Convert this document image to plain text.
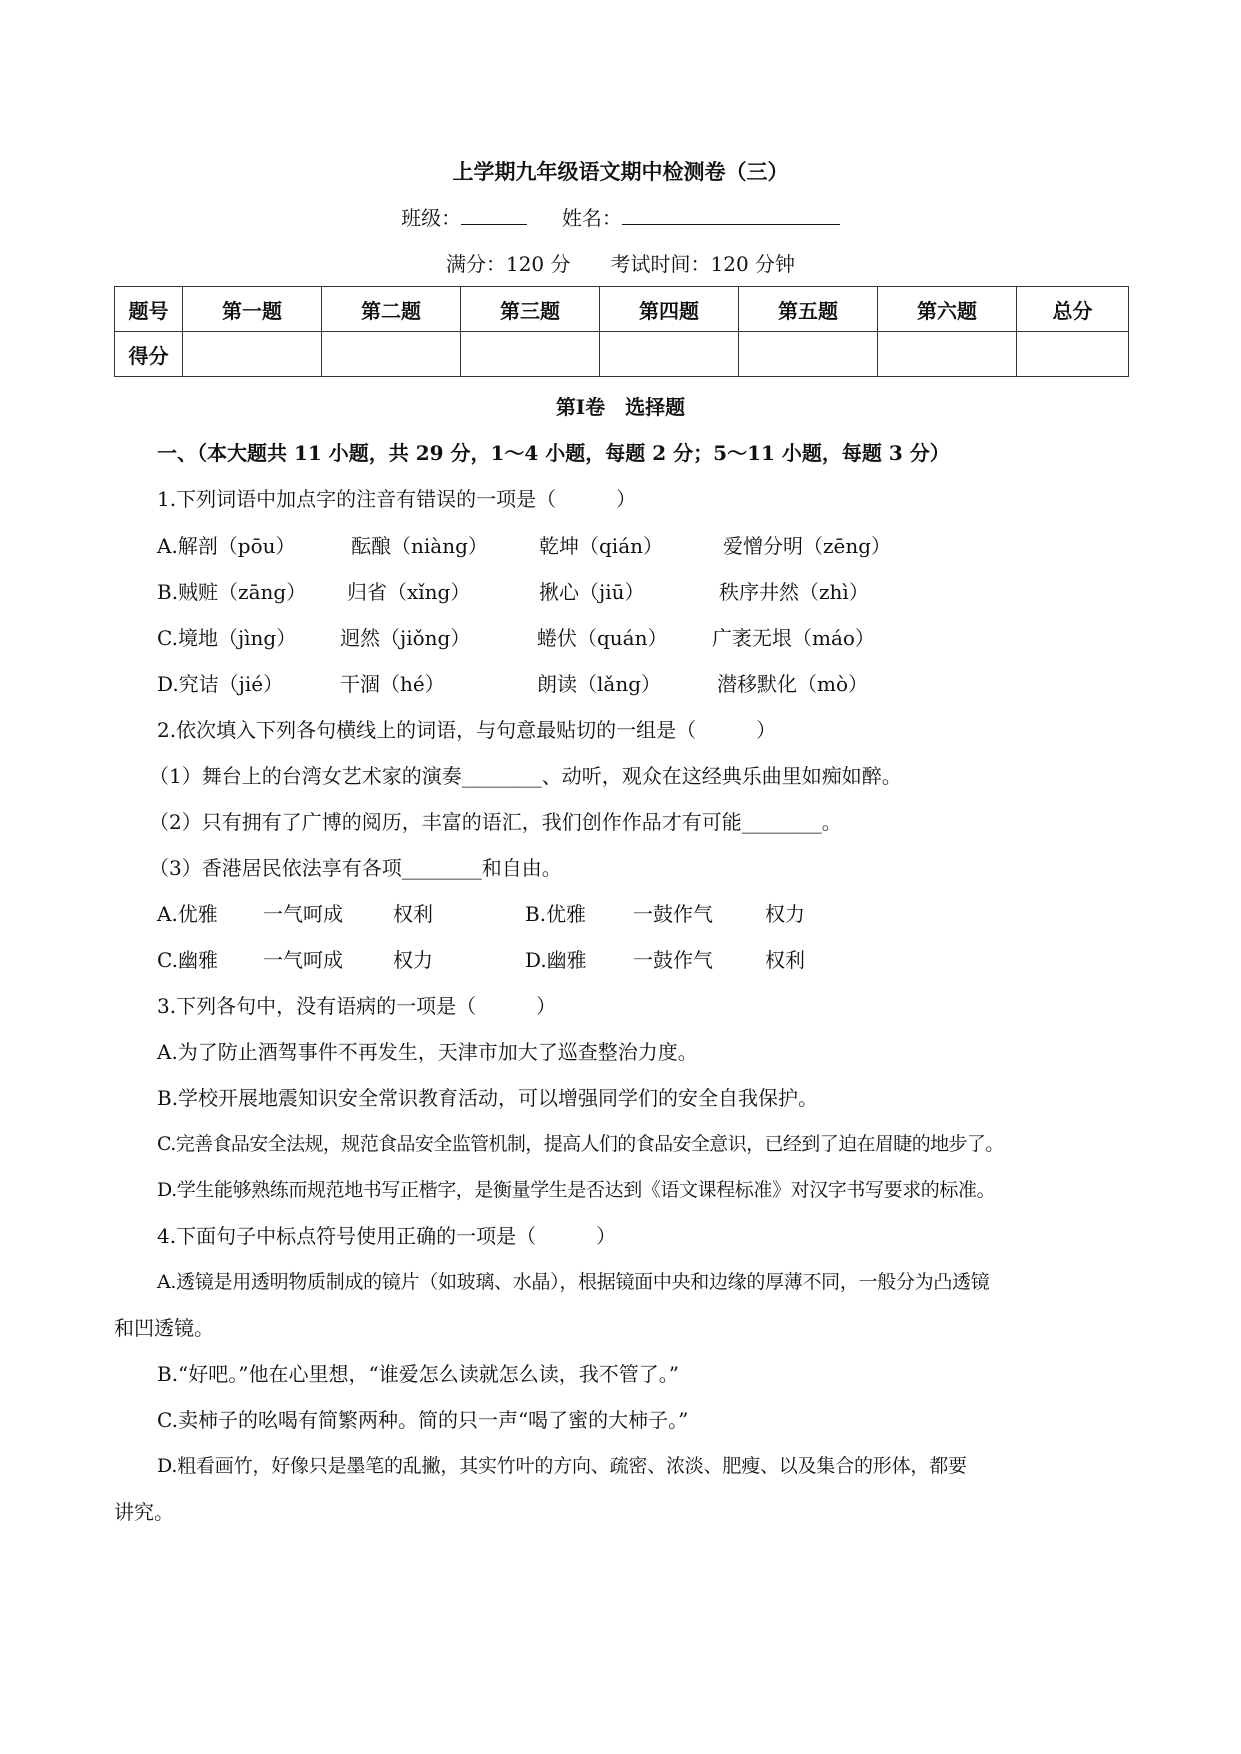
上学期九年级语文期中检测卷（三）
班级：	姓名：
满分：120 分　　考试时间：120 分钟
题号	第一题	第二题	第三题	第四题	第五题	第六题	总分
得分							
第Ⅰ卷　选择题
一、（本大题共 11 小题，共 29 分，1～4 小题，每题 2 分；5～11 小题，每题 3 分）
1.下列词语中加点字的注音有错误的一项是（　　　）
A.解剖（pōu）	酝酿（niàng）	乾坤（qián）	爱憎分明（zēng）
B.贼赃（zāng） 归省（xǐng）	揪心（jiū）	秩序井然（zhì）
C.境地（jìng） 迥然（jiǒng）	蜷伏（quán） 广袤无垠（máo）
D.究诘（jié）	干涸（hé）	朗读（lǎng）	潜移默化（mò）
2.依次填入下列各句横线上的词语，与句意最贴切的一组是（　　　）
（1）舞台上的台湾女艺术家的演奏________、动听，观众在这经典乐曲里如痴如醉。
（2）只有拥有了广博的阅历，丰富的语汇，我们创作作品才有可能________。
（3）香港居民依法享有各项________和自由。
A.优雅 一气呵成	权利	B.优雅 一鼓作气	权力
C.幽雅 一气呵成	权力	D.幽雅 一鼓作气	权利
3.下列各句中，没有语病的一项是（　　　）
A.为了防止酒驾事件不再发生，天津市加大了巡查整治力度。
B.学校开展地震知识安全常识教育活动，可以增强同学们的安全自我保护。
C.完善食品安全法规，规范食品安全监管机制，提高人们的食品安全意识，已经到了迫在眉睫的地步了。
D.学生能够熟练而规范地书写正楷字，是衡量学生是否达到《语文课程标准》对汉字书写要求的标准。
4.下面句子中标点符号使用正确的一项是（　　　）
A.透镜是用透明物质制成的镜片（如玻璃、水晶），根据镜面中央和边缘的厚薄不同，一般分为凸透镜
和凹透镜。
B.“好吧。”他在心里想，“谁爱怎么读就怎么读，我不管了。”
C.卖柿子的吆喝有简繁两种。简的只一声“喝了蜜的大柿子。”
D.粗看画竹，好像只是墨笔的乱撇，其实竹叶的方向、疏密、浓淡、肥瘦、以及集合的形体，都要
讲究。
